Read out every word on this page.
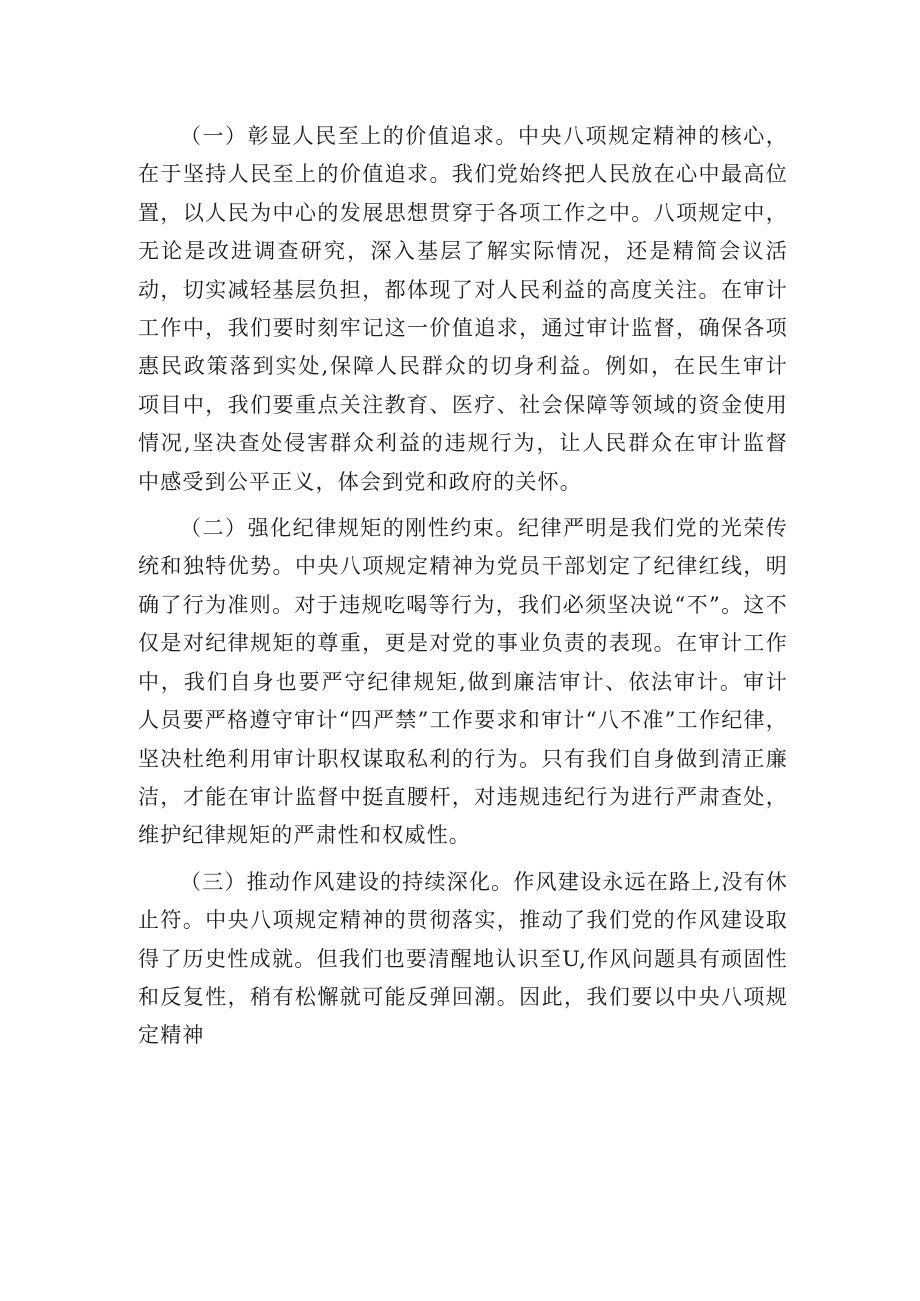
（一）彰显人民至上的价值追求。中央八项规定精神的核心，在于坚持人民至上的价值追求。我们党始终把人民放在心中最高位置，以人民为中心的发展思想贯穿于各项工作之中。八项规定中，无论是改进调查研究，深入基层了解实际情况，还是精简会议活动，切实减轻基层负担，都体现了对人民利益的高度关注。在审计工作中，我们要时刻牢记这一价值追求，通过审计监督，确保各项惠民政策落到实处,保障人民群众的切身利益。例如，在民生审计项目中，我们要重点关注教育、医疗、社会保障等领域的资金使用情况,坚决查处侵害群众利益的违规行为，让人民群众在审计监督中感受到公平正义，体会到党和政府的关怀。

（二）强化纪律规矩的刚性约束。纪律严明是我们党的光荣传统和独特优势。中央八项规定精神为党员干部划定了纪律红线，明确了行为准则。对于违规吃喝等行为，我们必须坚决说“不”。这不仅是对纪律规矩的尊重，更是对党的事业负责的表现。在审计工作中，我们自身也要严守纪律规矩,做到廉洁审计、依法审计。审计人员要严格遵守审计“四严禁”工作要求和审计“八不准”工作纪律，坚决杜绝利用审计职权谋取私利的行为。只有我们自身做到清正廉洁，才能在审计监督中挺直腰杆，对违规违纪行为进行严肃查处，维护纪律规矩的严肃性和权威性。

（三）推动作风建设的持续深化。作风建设永远在路上,没有休止符。中央八项规定精神的贯彻落实，推动了我们党的作风建设取得了历史性成就。但我们也要清醒地认识至U,作风问题具有顽固性和反复性，稍有松懈就可能反弹回潮。因此，我们要以中央八项规定精神
